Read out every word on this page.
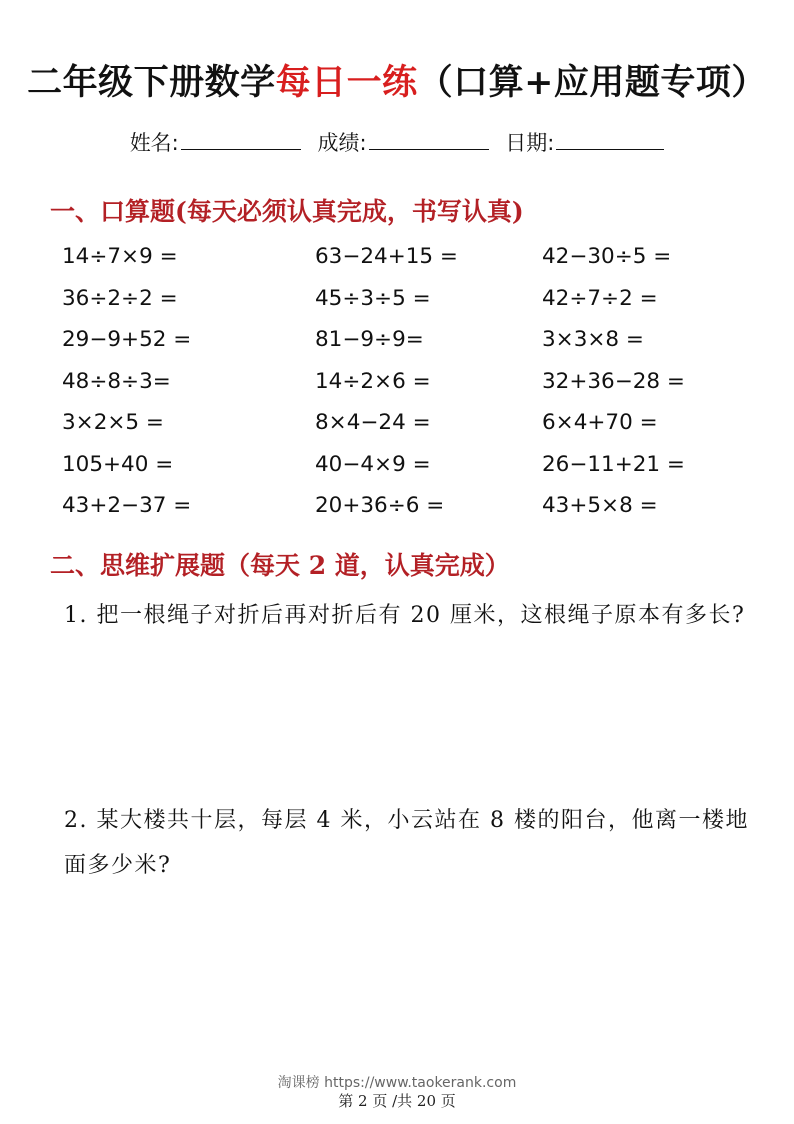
二年级下册数学每日一练（口算+应用题专项）
姓名:	成绩:	日期:
一、口算题(每天必须认真完成，书写认真)
14÷7×9 =	63−24+15 =	42−30÷5 =
36÷2÷2 =	45÷3÷5 =	42÷7÷2 =
29−9+52 =	81−9÷9=	3×3×8 =
48÷8÷3=	14÷2×6 =	32+36−28 =
3×2×5 =	8×4−24 =	6×4+70 =
105+40 =	40−4×9 =	26−11+21 =
43+2−37 =	20+36÷6 =	43+5×8 =
二、思维扩展题（每天 2 道，认真完成）
1. 把一根绳子对折后再对折后有 20 厘米，这根绳子原本有多长?
2. 某大楼共十层，每层 4 米，小云站在 8 楼的阳台，他离一楼地面多少米?
淘课榜 https://www.taokerank.com
第 2 页 /共 20 页
